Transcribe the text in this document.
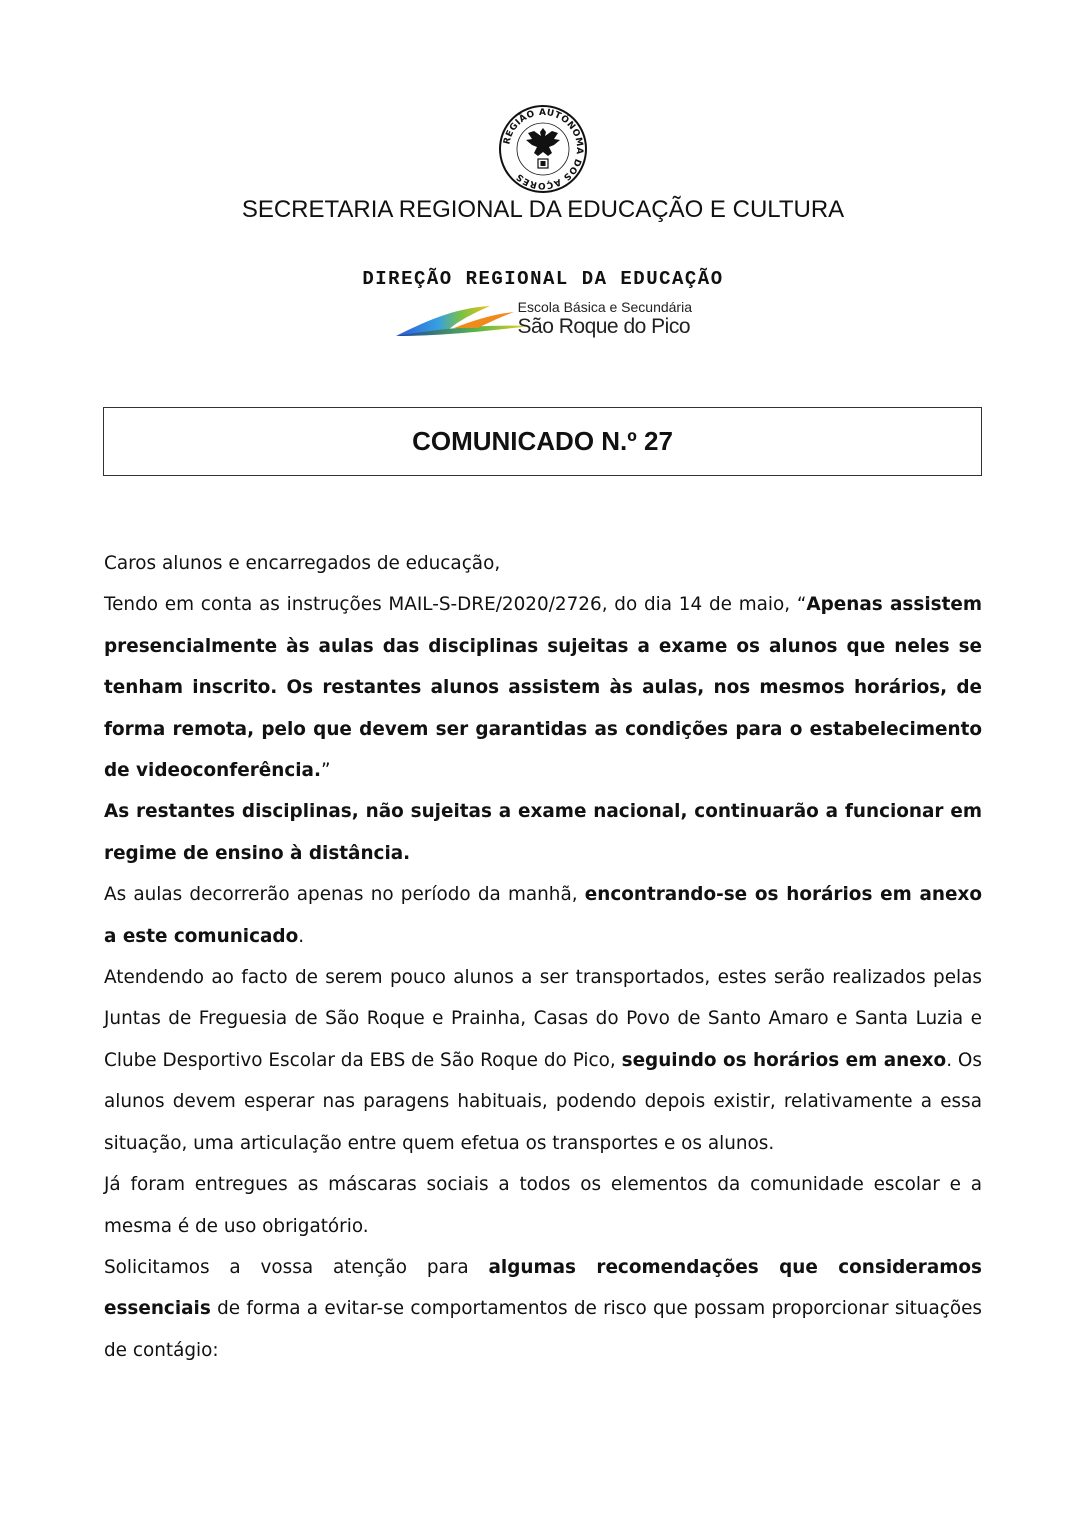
REGIÃO AUTÓNOMA DOS AÇORES
SECRETARIA REGIONAL DA EDUCAÇÃO E CULTURA
DIREÇÃO REGIONAL DA EDUCAÇÃO
Escola Básica e Secundária
São Roque do Pico
COMUNICADO N.º 27

Caros alunos e encarregados de educação,

Tendo em conta as instruções MAIL-S-DRE/2020/2726, do dia 14 de maio, “Apenas assistem presencialmente às aulas das disciplinas sujeitas a exame os alunos que neles se tenham inscrito. Os restantes alunos assistem às aulas, nos mesmos horários, de forma remota, pelo que devem ser garantidas as condições para o estabelecimento de videoconferência.”

As restantes disciplinas, não sujeitas a exame nacional, continuarão a funcionar em regime de ensino à distância.

As aulas decorrerão apenas no período da manhã, encontrando-se os horários em anexo a este comunicado.

Atendendo ao facto de serem pouco alunos a ser transportados, estes serão realizados pelas Juntas de Freguesia de São Roque e Prainha, Casas do Povo de Santo Amaro e Santa Luzia e Clube Desportivo Escolar da EBS de São Roque do Pico, seguindo os horários em anexo. Os alunos devem esperar nas paragens habituais, podendo depois existir, relativamente a essa situação, uma articulação entre quem efetua os transportes e os alunos.

Já foram entregues as máscaras sociais a todos os elementos da comunidade escolar e a mesma é de uso obrigatório.

Solicitamos a vossa atenção para algumas recomendações que consideramos essenciais de forma a evitar-se comportamentos de risco que possam proporcionar situações de contágio:
